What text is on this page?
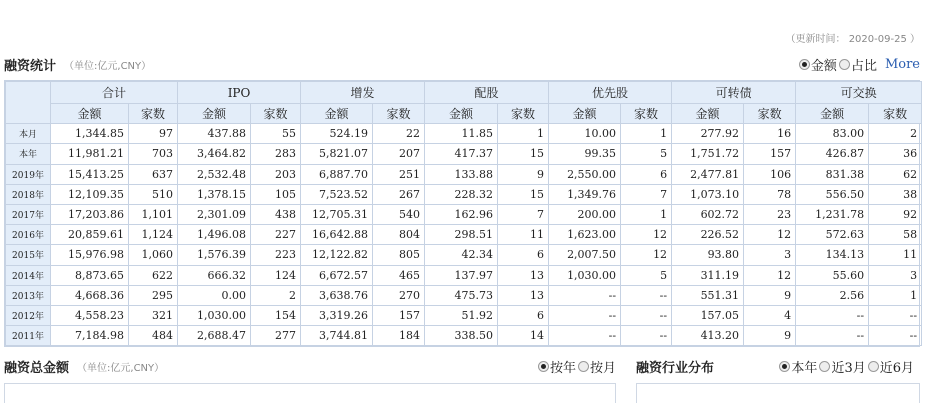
（更新时间： 2020-09-25 ）
融资统计 （单位:亿元,CNY）	金额 占比 More
	合计		IPO		增发		配股		优先股		可转债		可交换	
	金额	家数	金额	家数	金额	家数	金额	家数	金额	家数	金额	家数	金额	家数
本月	1,344.85	97	437.88	55	524.19	22	11.85	1	10.00	1	277.92	16	83.00	2
本年	11,981.21	703	3,464.82	283	5,821.07	207	417.37	15	99.35	5	1,751.72	157	426.87	36
2019年	15,413.25	637	2,532.48	203	6,887.70	251	133.88	9	2,550.00	6	2,477.81	106	831.38	62
2018年	12,109.35	510	1,378.15	105	7,523.52	267	228.32	15	1,349.76	7	1,073.10	78	556.50	38
2017年	17,203.86	1,101	2,301.09	438	12,705.31	540	162.96	7	200.00	1	602.72	23	1,231.78	92
2016年	20,859.61	1,124	1,496.08	227	16,642.88	804	298.51	11	1,623.00	12	226.52	12	572.63	58
2015年	15,976.98	1,060	1,576.39	223	12,122.82	805	42.34	6	2,007.50	12	93.80	3	134.13	11
2014年	8,873.65	622	666.32	124	6,672.57	465	137.97	13	1,030.00	5	311.19	12	55.60	3
2013年	4,668.36	295	0.00	2	3,638.76	270	475.73	13	--	--	551.31	9	2.56	1
2012年	4,558.23	321	1,030.00	154	3,319.26	157	51.92	6	--	--	157.05	4	--	--
2011年	7,184.98	484	2,688.47	277	3,744.81	184	338.50	14	--	--	413.20	9	--	--
融资总金额 （单位:亿元,CNY）	按年 按月 融资行业分布	本年 近3月 近6月
